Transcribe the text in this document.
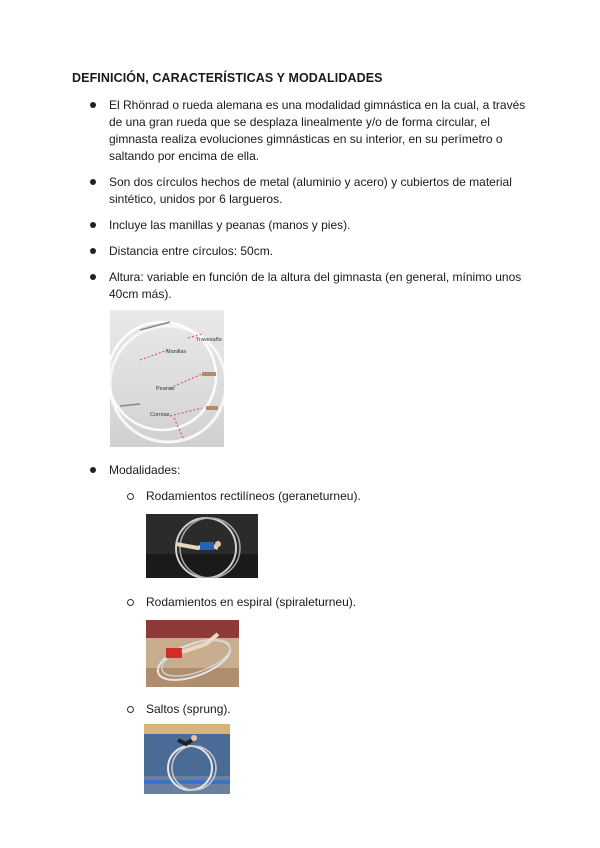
DEFINICIÓN, CARACTERÍSTICAS Y MODALIDADES
El Rhönrad o rueda alemana es una modalidad gimnástica en la cual, a través de una gran rueda que se desplaza linealmente y/o de forma circular, el gimnasta realiza evoluciones gimnásticas en su interior, en su perímetro o saltando por encima de ella.
Son dos círculos hechos de metal (aluminio y acero) y cubiertos de material sintético, unidos por 6 largueros.
Incluye las manillas y peanas (manos y pies).
Distancia entre círculos: 50cm.
Altura: variable en función de la altura del gimnasta (en general, mínimo unos 40cm más).
Travesaño
Manillas
Peanas
Correas
Modalidades:
Rodamientos rectilíneos (geraneturneu).
Rodamientos en espiral (spiraleturneu).
Saltos (sprung).
